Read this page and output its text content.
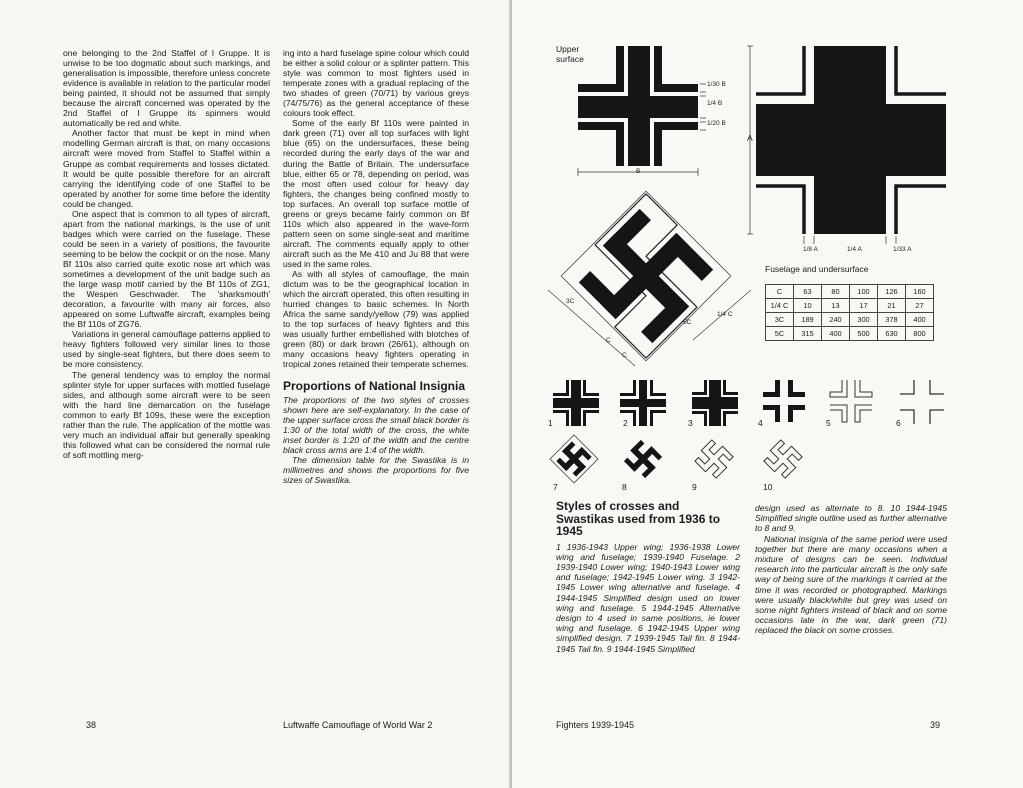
one belonging to the 2nd Staffel of I Gruppe. It is unwise to be too dogmatic about such markings, and generalisation is impossible, therefore unless concrete evidence is available in relation to the particular model being painted, it should not be assumed that simply because the aircraft concerned was operated by the 2nd Staffel of I Gruppe its spinners would automatically be red and white.

Another factor that must be kept in mind when modelling German aircraft is that, on many occasions aircraft were moved from Staffel to Staffel within a Gruppe as combat requirements and losses dictated. It would be quite possible therefore for an aircraft carrying the identifying code of one Staffel to be operated by another for some time before the identity could be changed.

One aspect that is common to all types of aircraft, apart from the national markings, is the use of unit badges which were carried on the fuselage. These could be seen in a variety of positions, the favourite seeming to be below the cockpit or on the nose. Many Bf 110s also carried quite exotic nose art which was sometimes a development of the unit badge such as the large wasp motif carried by the Bf 110s of ZG1, the Wespen Geschwader. The 'sharksmouth' decoration, a favourite with many air forces, also appeared on some Luftwaffe aircraft, examples being the Bf 110s of ZG76.

Variations in general camouflage patterns applied to heavy fighters followed very similar lines to those used by single-seat fighters, but there does seem to be more consistency.

The general tendency was to employ the normal splinter style for upper surfaces with mottled fuselage sides, and although some aircraft were to be seen with the hard line demarcation on the fuselage common to early Bf 109s, these were the exception rather than the rule. The application of the mottle was very much an individual affair but generally speaking this followed what can be considered the normal rule of soft mottling merg-

ing into a hard fuselage spine colour which could be either a solid colour or a splinter pattern. This style was common to most fighters used in temperate zones with a gradual replacing of the two shades of green (70/71) by various greys (74/75/76) as the general acceptance of these colours took effect.

Some of the early Bf 110s were painted in dark green (71) over all top surfaces with light blue (65) on the undersurfaces, these being recorded during the early days of the war and during the Battle of Britain. The undersurface blue, either 65 or 78, depending on period, was the most often used colour for heavy day fighters, the changes being confined mostly to top surfaces. An overall top surface mottle of greens or greys became fairly common on Bf 110s which also appeared in the wave-form pattern seen on some single-seat and maritime aircraft. The comments equally apply to other aircraft such as the Me 410 and Ju 88 that were used in the same roles.

As with all styles of camouflage, the main dictum was to be the geographical location in which the aircraft operated, this often resulting in hurried changes to basic schemes. In North Africa the same sandy/yellow (79) was applied to the top surfaces of heavy fighters and this was usually further embellished with blotches of green (80) or dark brown (26/61), although on many occasions heavy fighters operating in tropical zones retained their temperate schemes.

Proportions of National Insignia

The proportions of the two styles of crosses shown here are self-explanatory. In the case of the upper surface cross the small black border is 1:30 of the total width of the cross, the white inset border is 1:20 of the width and the centre black cross arms are 1:4 of the width.

The dimension table for the Swastika is in millimetres and shows the proportions for five sizes of Swastika.

38	Luftwaffe Camouflage of World War 2
Upper
surface
1/30 B
1/4 B
1/20 B
B
A
1/8 A	1/4 A	1/33 A
Fuselage and undersurface
3C
5C
C
C
1/4 C
C	63	80	100	126	160
1/4 C	10	13	17	21	27
3C	189	240	300	378	400
5C	315	400	500	630	800
1	2	3	4	5	6
7	8	9	10

Styles of crosses and Swastikas used from 1936 to 1945

1 1936-1943 Upper wing; 1936-1938 Lower wing and fuselage; 1939-1940 Fuselage. 2 1939-1940 Lower wing; 1940-1943 Lower wing and fuselage; 1942-1945 Lower wing. 3 1942-1945 Lower wing alternative and fuselage. 4 1944-1945 Simplified design used on lower wing and fuselage. 5 1944-1945 Alternative design to 4 used in same positions, ie lower wing and fuselage. 6 1942-1945 Upper wing simplified design. 7 1939-1945 Tail fin. 8 1944-1945 Tail fin. 9 1944-1945 Simplified

design used as alternate to 8. 10 1944-1945 Simplified single outline used as further alternative to 8 and 9.

National insignia of the same period were used together but there are many occasions when a mixture of designs can be seen. Individual research into the particular aircraft is the only safe way of being sure of the markings it carried at the time it was recorded or photographed. Markings were usually black/white but grey was used on some night fighters instead of black and on some occasions late in the war, dark green (71) replaced the black on some crosses.

Fighters 1939-1945	39
